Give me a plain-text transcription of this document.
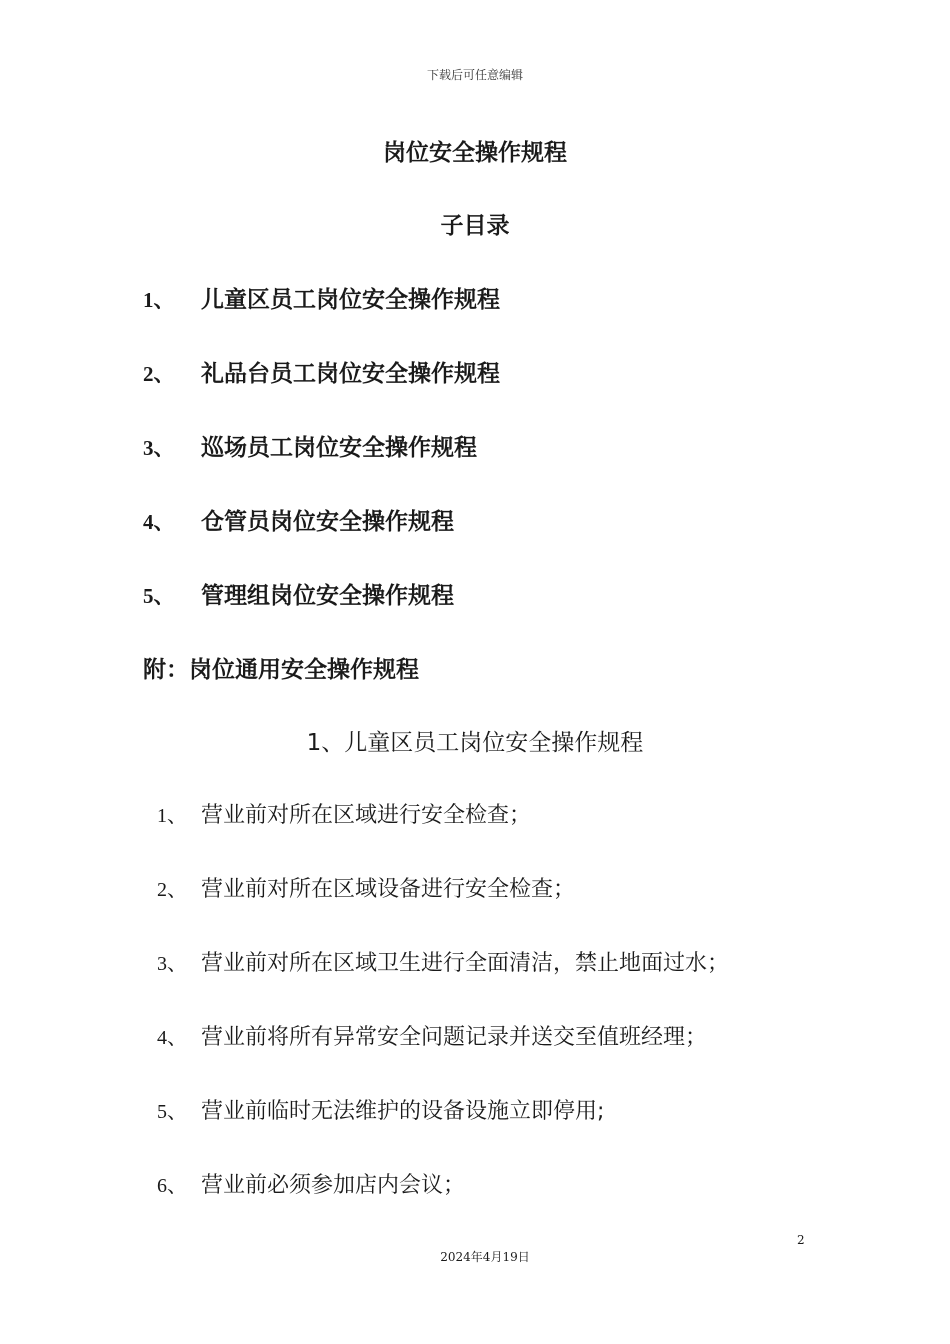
下载后可任意编辑
岗位安全操作规程
子目录
1、 儿童区员工岗位安全操作规程
2、 礼品台员工岗位安全操作规程
3、 巡场员工岗位安全操作规程
4、 仓管员岗位安全操作规程
5、 管理组岗位安全操作规程
附：岗位通用安全操作规程
1、儿童区员工岗位安全操作规程
1、 营业前对所在区域进行安全检查；
2、 营业前对所在区域设备进行安全检查；
3、 营业前对所在区域卫生进行全面清洁，禁止地面过水；
4、 营业前将所有异常安全问题记录并送交至值班经理；
5、 营业前临时无法维护的设备设施立即停用;
6、 营业前必须参加店内会议；
2
2024年4月19日
